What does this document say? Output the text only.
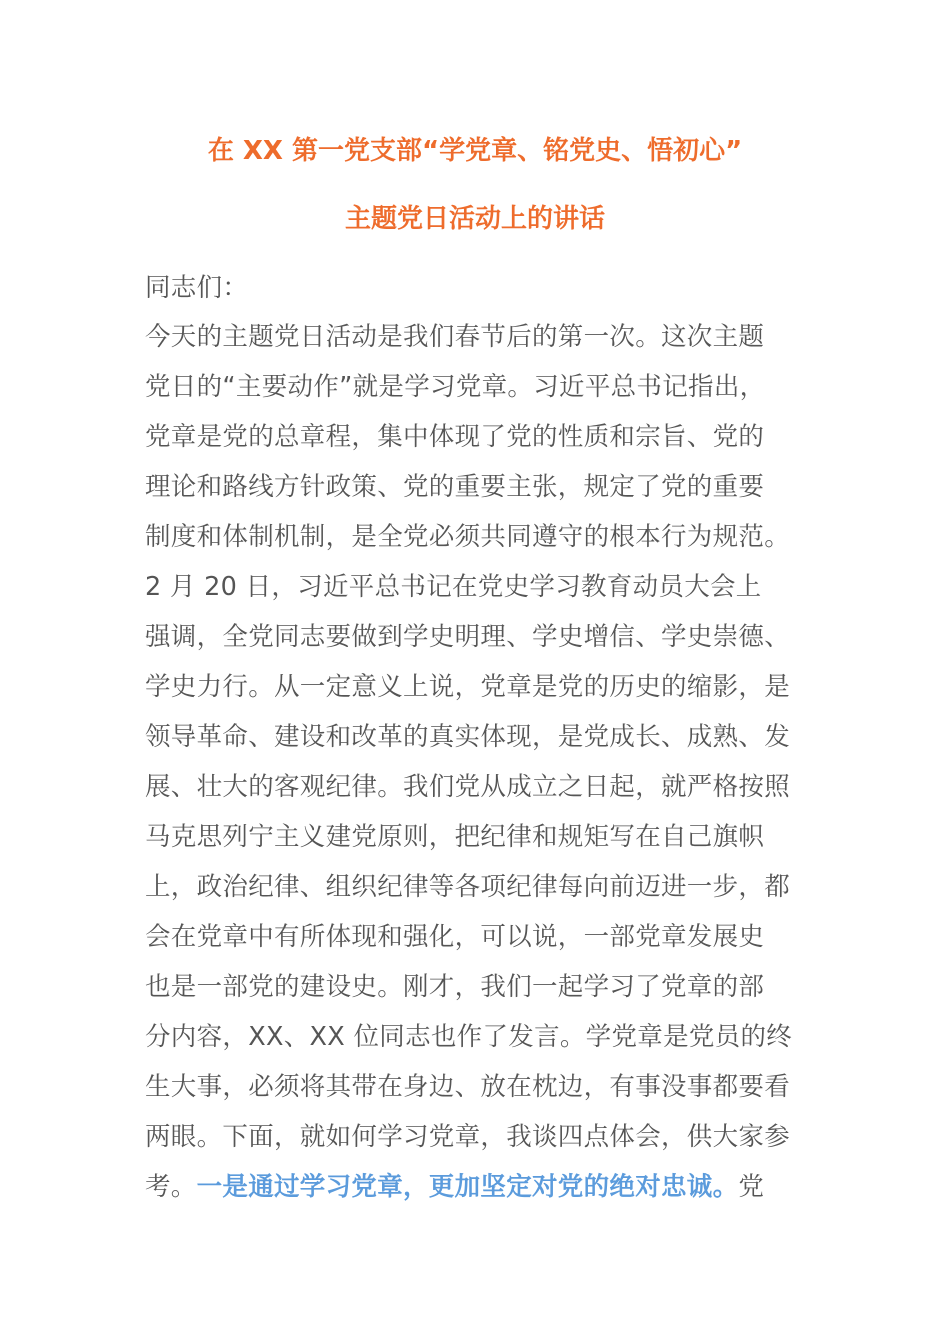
在 XX 第一党支部“学党章、铭党史、悟初心”
主题党日活动上的讲话
同志们：
今天的主题党日活动是我们春节后的第一次。这次主题
党日的“主要动作”就是学习党章。习近平总书记指出，
党章是党的总章程，集中体现了党的性质和宗旨、党的
理论和路线方针政策、党的重要主张，规定了党的重要
制度和体制机制，是全党必须共同遵守的根本行为规范。
2 月 20 日，习近平总书记在党史学习教育动员大会上
强调，全党同志要做到学史明理、学史增信、学史崇德、
学史力行。从一定意义上说，党章是党的历史的缩影，是
领导革命、建设和改革的真实体现，是党成长、成熟、发
展、壮大的客观纪律。我们党从成立之日起，就严格按照
马克思列宁主义建党原则，把纪律和规矩写在自己旗帜
上，政治纪律、组织纪律等各项纪律每向前迈进一步，都
会在党章中有所体现和强化，可以说，一部党章发展史
也是一部党的建设史。刚才，我们一起学习了党章的部
分内容，XX、XX 位同志也作了发言。学党章是党员的终
生大事，必须将其带在身边、放在枕边，有事没事都要看
两眼。下面，就如何学习党章，我谈四点体会，供大家参
考。一是通过学习党章，更加坚定对党的绝对忠诚。党
